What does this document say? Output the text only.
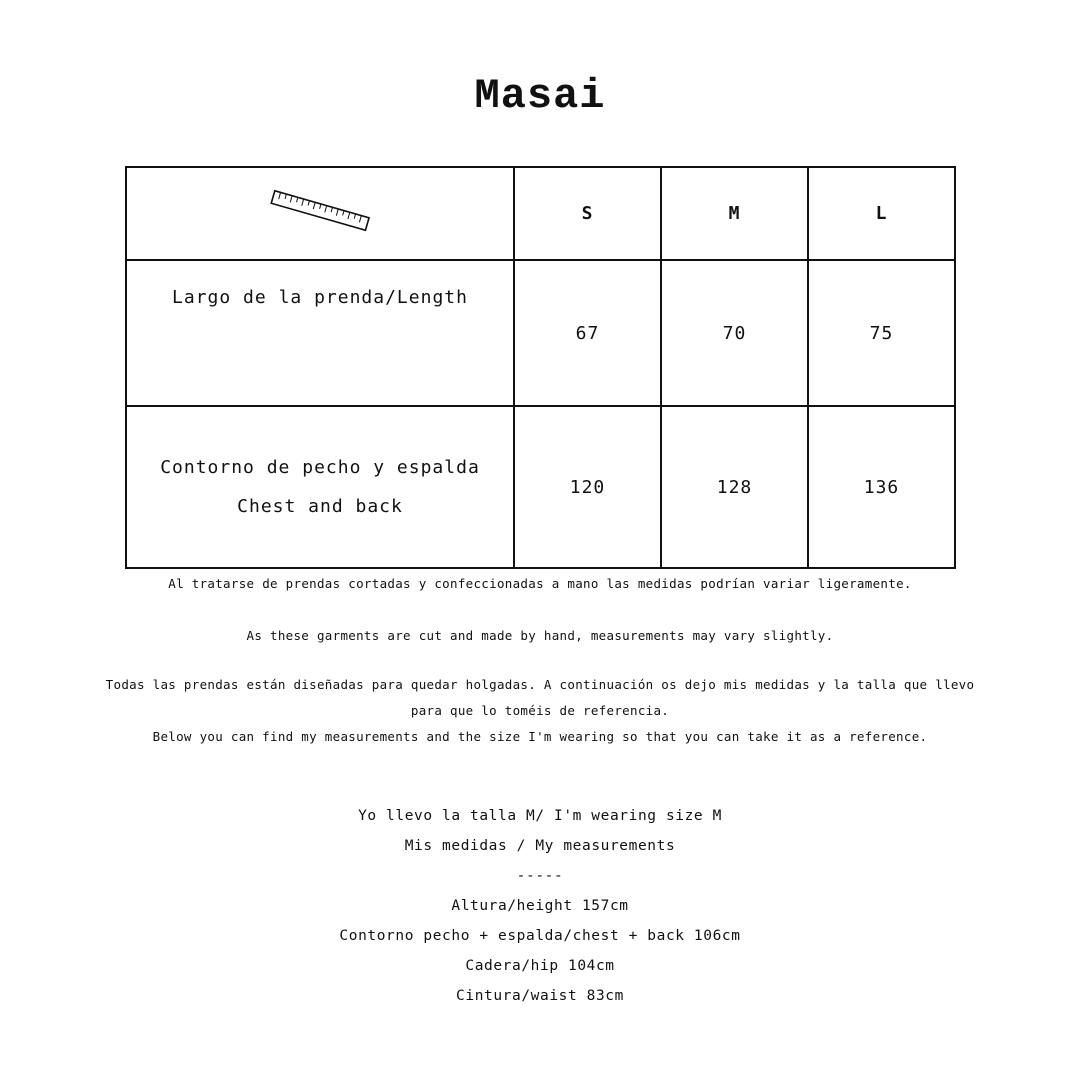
Masai
	S	M	L
Largo de la prenda/Length	67	70	75
Contorno de pecho y espalda
Chest and back	120	128	136
Al tratarse de prendas cortadas y confeccionadas a mano las medidas podrían variar ligeramente.
As these garments are cut and made by hand, measurements may vary slightly.
Todas las prendas están diseñadas para quedar holgadas. A continuación os dejo mis medidas y la talla que llevo
para que lo toméis de referencia.
Below you can find my measurements and the size I'm wearing so that you can take it as a reference.
Yo llevo la talla M/ I'm wearing size M
Mis medidas / My measurements
-----
Altura/height 157cm
Contorno pecho + espalda/chest + back 106cm
Cadera/hip 104cm
Cintura/waist 83cm
